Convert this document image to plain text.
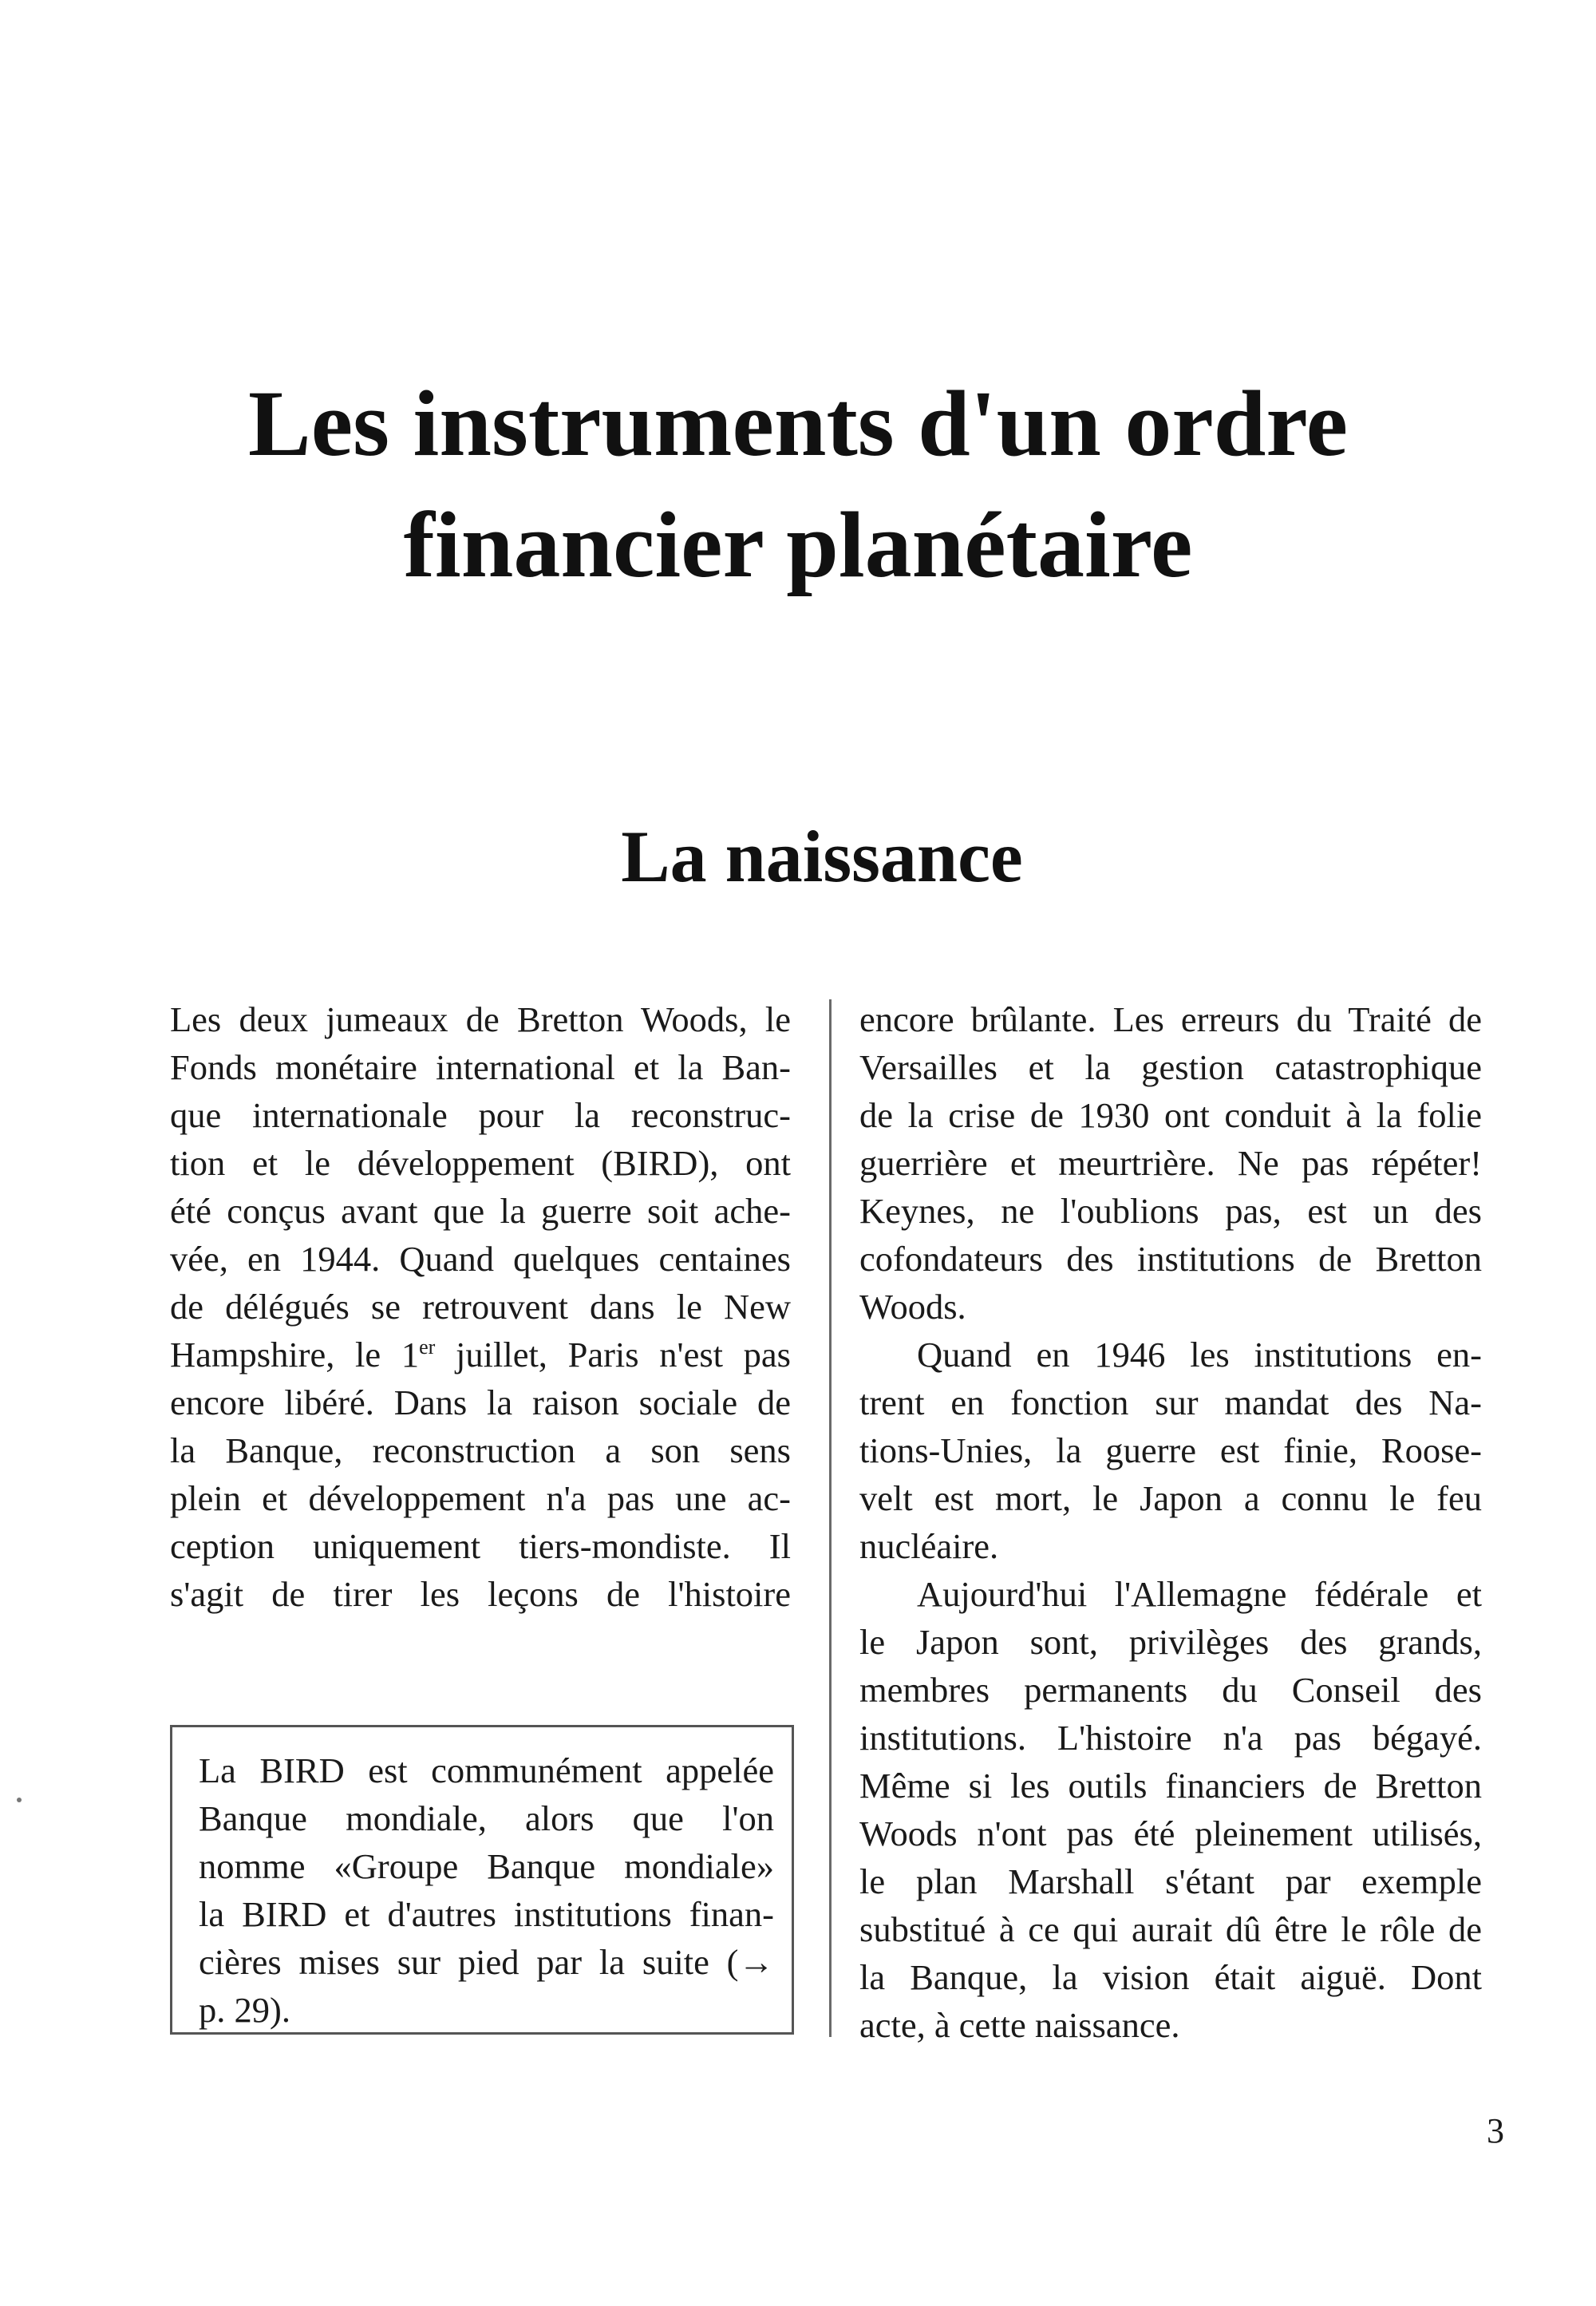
Les instruments d'un ordre
financier planétaire
La naissance
Les deux jumeaux de Bretton Woods, le
Fonds monétaire international et la Ban-
que internationale pour la reconstruc-
tion et le développement (BIRD), ont
été conçus avant que la guerre soit ache-
vée, en 1944. Quand quelques centaines
de délégués se retrouvent dans le New
Hampshire, le 1er juillet, Paris n'est pas
encore libéré. Dans la raison sociale de
la Banque, reconstruction a son sens
plein et développement n'a pas une ac-
ception uniquement tiers-mondiste. Il
s'agit de tirer les leçons de l'histoire
encore brûlante. Les erreurs du Traité de
Versailles et la gestion catastrophique
de la crise de 1930 ont conduit à la folie
guerrière et meurtrière. Ne pas répéter!
Keynes, ne l'oublions pas, est un des
cofondateurs des institutions de Bretton
Woods.
Quand en 1946 les institutions en-
trent en fonction sur mandat des Na-
tions-Unies, la guerre est finie, Roose-
velt est mort, le Japon a connu le feu
nucléaire.
Aujourd'hui l'Allemagne fédérale et
le Japon sont, privilèges des grands,
membres permanents du Conseil des
institutions. L'histoire n'a pas bégayé.
Même si les outils financiers de Bretton
Woods n'ont pas été pleinement utilisés,
le plan Marshall s'étant par exemple
substitué à ce qui aurait dû être le rôle de
la Banque, la vision était aiguë. Dont
acte, à cette naissance.
La BIRD est communément appelée
Banque mondiale, alors que l'on
nomme «Groupe Banque mondiale»
la BIRD et d'autres institutions finan-
cières mises sur pied par la suite (→
p. 29).
3
